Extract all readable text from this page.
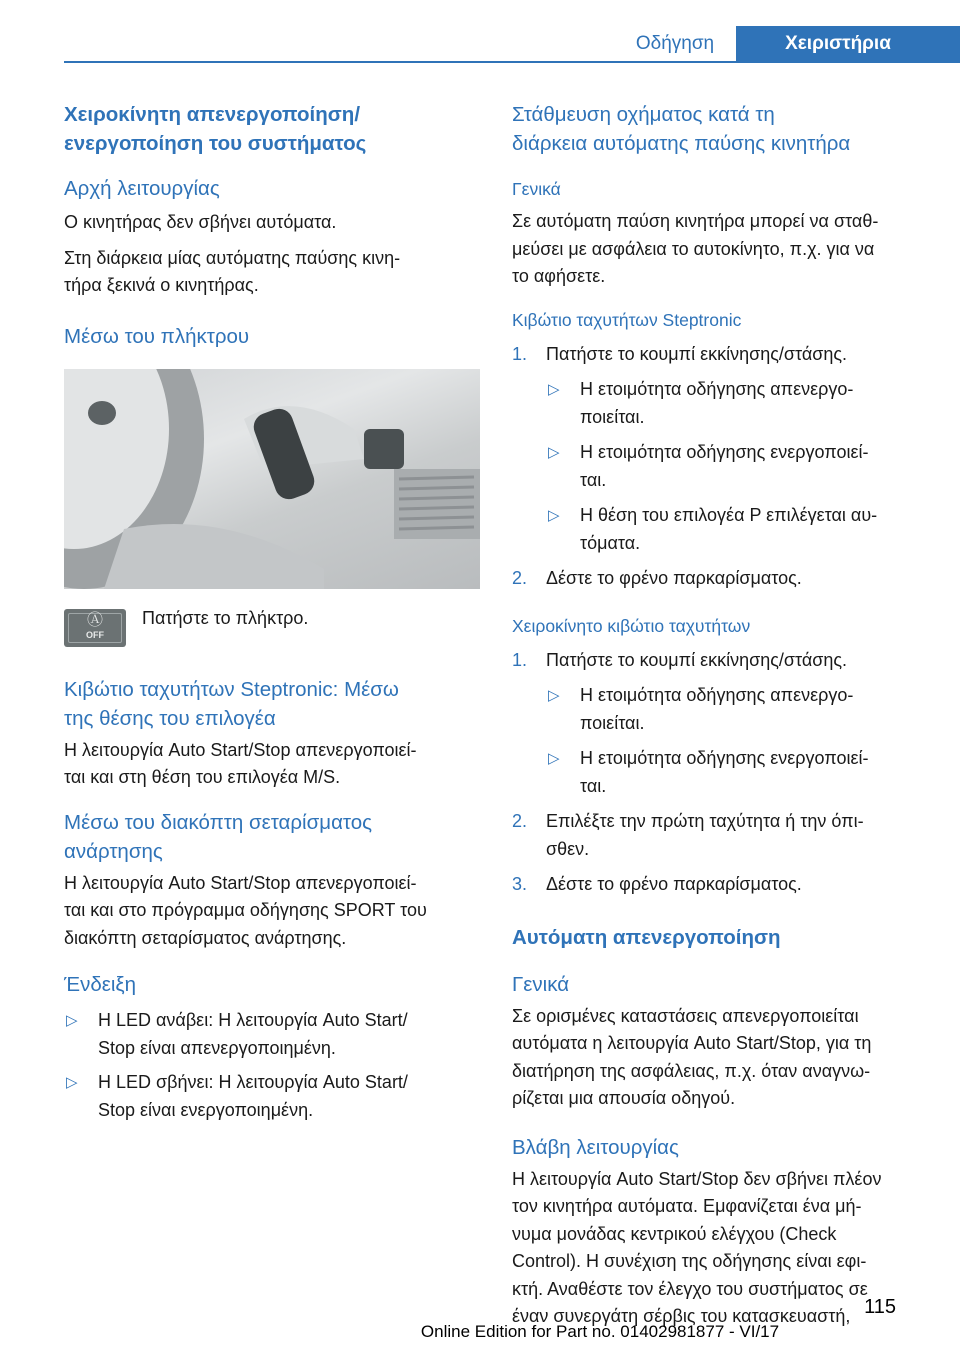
Οδήγηση	Χειριστήρια
Χειροκίνητη απενεργοποίηση/
ενεργοποίηση του συστήματος
Αρχή λειτουργίας

Ο κινητήρας δεν σβήνει αυτόματα.

Στη διάρκεια μίας αυτόματης παύσης κινη‐
τήρα ξεκινά ο κινητήρας.

Μέσω του πλήκτρου
Ⓐ
OFF
Πατήστε το πλήκτρο.
Κιβώτιο ταχυτήτων Steptronic: Μέσω
της θέσης του επιλογέα

Η λειτουργία Auto Start/Stop απενεργοποιεί‐
ται και στη θέση του επιλογέα M/S.

Μέσω του διακόπτη σεταρίσματος
ανάρτησης

Η λειτουργία Auto Start/Stop απενεργοποιεί‐
ται και στο πρόγραμμα οδήγησης SPORT του
διακόπτη σεταρίσματος ανάρτησης.

Ένδειξη
▷ Η LED ανάβει: Η λειτουργία Auto Start/
Stop είναι απενεργοποιημένη.
▷ Η LED σβήνει: Η λειτουργία Auto Start/
Stop είναι ενεργοποιημένη.
Στάθμευση οχήματος κατά τη
διάρκεια αυτόματης παύσης κινητήρα
Γενικά

Σε αυτόματη παύση κινητήρα μπορεί να σταθ‐
μεύσει με ασφάλεια το αυτοκίνητο, π.χ. για να
το αφήσετε.

Κιβώτιο ταχυτήτων Steptronic
1. Πατήστε το κουμπί εκκίνησης/στάσης.
▷ Η ετοιμότητα οδήγησης απενεργο‐
ποιείται.
▷ Η ετοιμότητα οδήγησης ενεργοποιεί‐
ται.
▷ Η θέση του επιλογέα P επιλέγεται αυ‐
τόματα.
2. Δέστε το φρένο παρκαρίσματος.
Χειροκίνητο κιβώτιο ταχυτήτων
1. Πατήστε το κουμπί εκκίνησης/στάσης.
▷ Η ετοιμότητα οδήγησης απενεργο‐
ποιείται.
▷ Η ετοιμότητα οδήγησης ενεργοποιεί‐
ται.
2. Επιλέξτε την πρώτη ταχύτητα ή την όπι‐
σθεν.
3. Δέστε το φρένο παρκαρίσματος.
Αυτόματη απενεργοποίηση
Γενικά

Σε ορισμένες καταστάσεις απενεργοποιείται
αυτόματα η λειτουργία Auto Start/Stop, για τη
διατήρηση της ασφάλειας, π.χ. όταν αναγνω‐
ρίζεται μια απουσία οδηγού.

Βλάβη λειτουργίας

Η λειτουργία Auto Start/Stop δεν σβήνει πλέον
τον κινητήρα αυτόματα. Εμφανίζεται ένα μή‐
νυμα μονάδας κεντρικού ελέγχου (Check
Control). Η συνέχιση της οδήγησης είναι εφι‐
κτή. Αναθέστε τον έλεγχο του συστήματος σε
έναν συνεργάτη σέρβις του κατασκευαστή, 115
Online Edition for Part no. 01402981877 - VI/17
